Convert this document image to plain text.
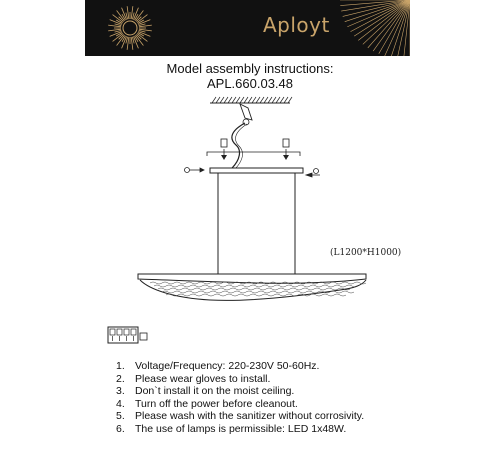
Aployt
Model assembly instructions:
APL.660.03.48
(L1200*H1000)
1. Voltage/Frequency: 220-230V 50-60Hz.
2. Please wear gloves to install.
3. Don`t install it on the moist ceiling.
4. Turn off the power before cleanout.
5. Please wash with the sanitizer without corrosivity.
6. The use of lamps is permissible: LED 1x48W.
